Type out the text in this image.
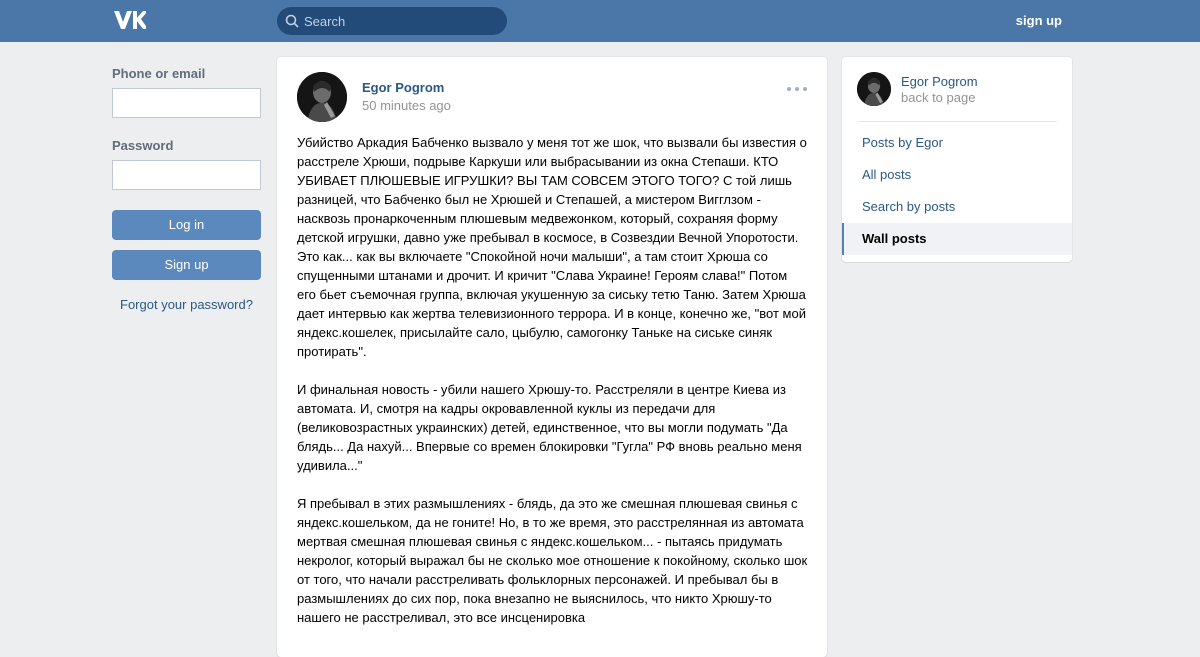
Search
sign up
Phone or email
Password
Log in
Sign up
Forgot your password?
Egor Pogrom
50 minutes ago

Убийство Аркадия Бабченко вызвало у меня тот же шок, что вызвали бы известия о расстреле Хрюши, подрыве Каркуши или выбрасывании из окна Степаши. КТО УБИВАЕТ ПЛЮШЕВЫЕ ИГРУШКИ? ВЫ ТАМ СОВСЕМ ЭТОГО ТОГО? С той лишь разницей, что Бабченко был не Хрюшей и Степашей, а мистером Вигглзом - насквозь пронаркоченным плюшевым медвежонком, который, сохраняя форму детской игрушки, давно уже пребывал в космосе, в Созвездии Вечной Упоротости. Это как... как вы включаете "Спокойной ночи малыши", а там стоит Хрюша со спущенными штанами и дрочит. И кричит "Слава Украине! Героям слава!" Потом его бьет съемочная группа, включая укушенную за сиську тетю Таню. Затем Хрюша дает интервью как жертва телевизионного террора. И в конце, конечно же, "вот мой яндекс.кошелек, присылайте сало, цыбулю, самогонку Таньке на сиське синяк протирать".

И финальная новость - убили нашего Хрюшу-то. Расстреляли в центре Киева из автомата. И, смотря на кадры окровавленной куклы из передачи для (великовозрастных украинских) детей, единственное, что вы могли подумать "Да блядь... Да нахуй... Впервые со времен блокировки "Гугла" РФ вновь реально меня удивила..."

Я пребывал в этих размышлениях - блядь, да это же смешная плюшевая свинья с яндекс.кошельком, да не гоните! Но, в то же время, это расстрелянная из автомата мертвая смешная плюшевая свинья с яндекс.кошельком... - пытаясь придумать некролог, который выражал бы не сколько мое отношение к покойному, сколько шок от того, что начали расстреливать фольклорных персонажей. И пребывал бы в размышлениях до сих пор, пока внезапно не выяснилось, что никто Хрюшу-то нашего не расстреливал, это все инсценировка

Egor Pogrom
back to page
Posts by Egor
All posts
Search by posts
Wall posts
